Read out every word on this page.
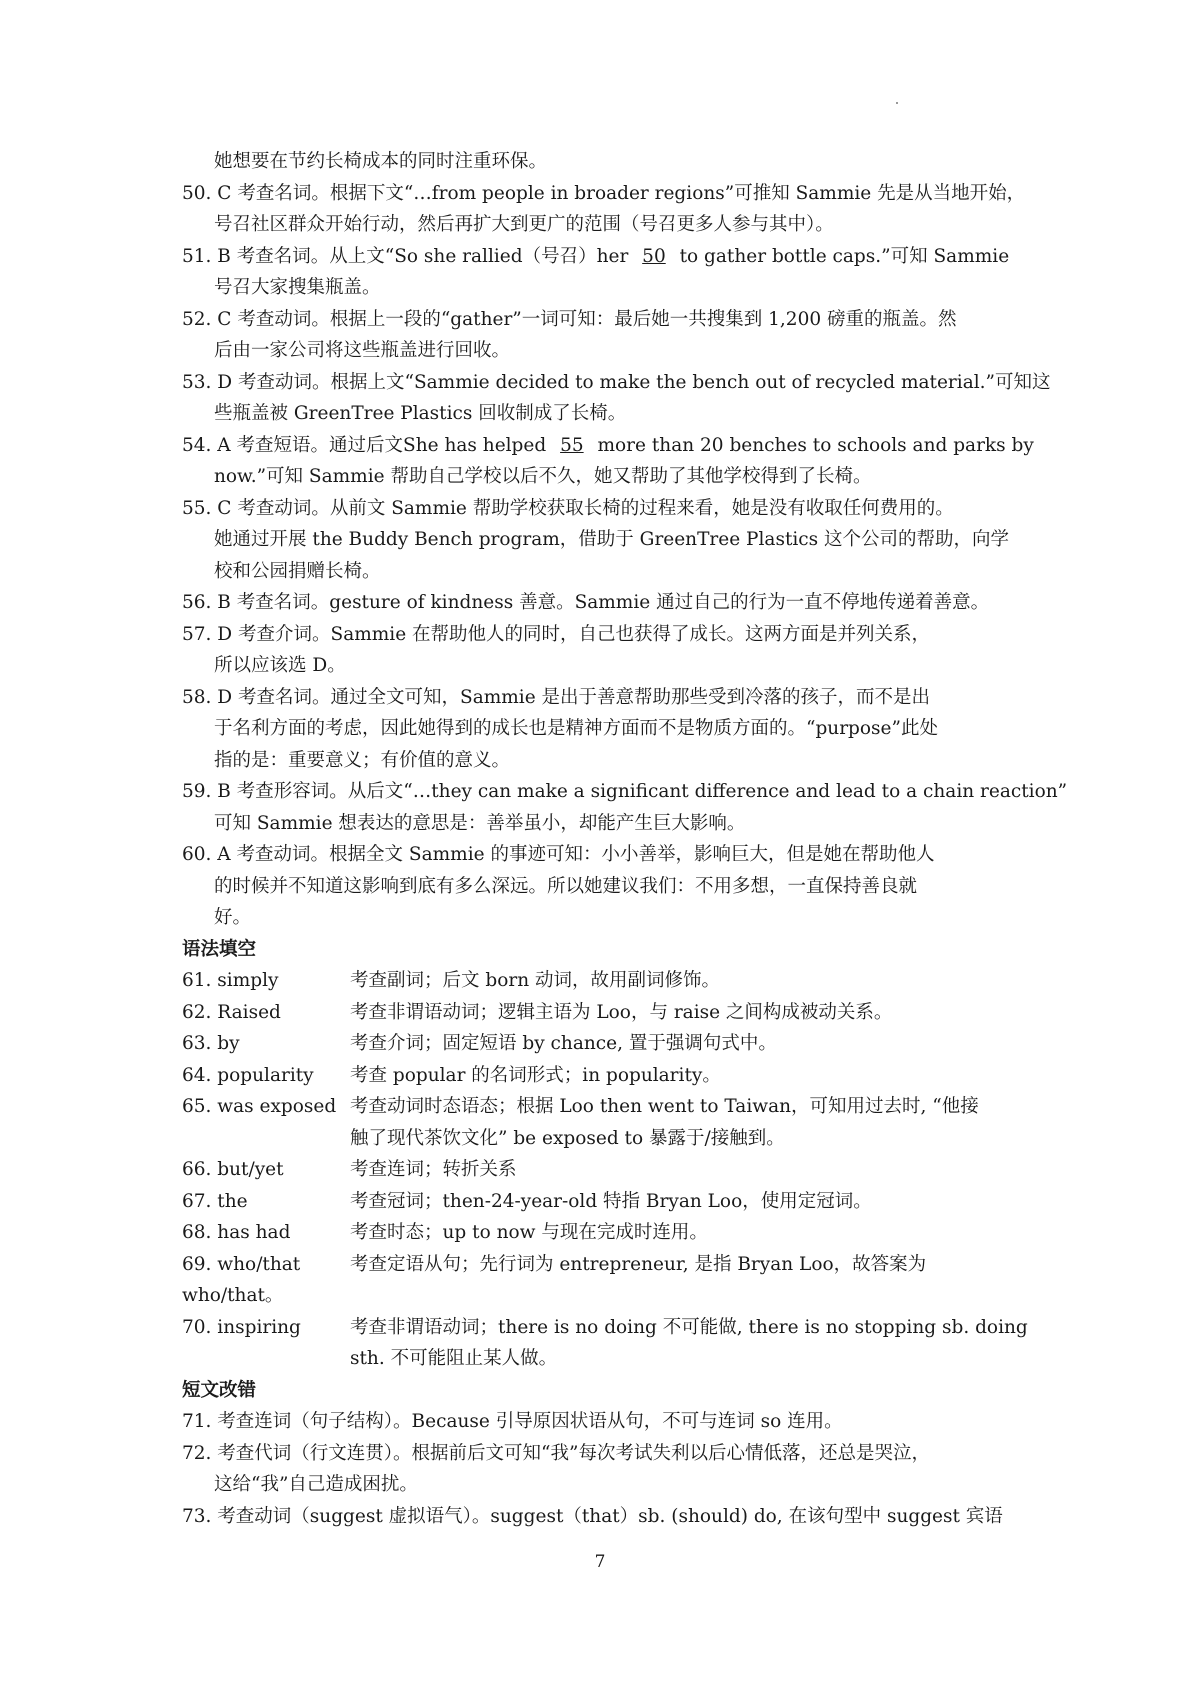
她想要在节约长椅成本的同时注重环保。
50. C 考查名词。根据下文“…from people in broader regions”可推知 Sammie 先是从当地开始，
号召社区群众开始行动，然后再扩大到更广的范围（号召更多人参与其中）。
51. B 考查名词。从上文“So she rallied（号召）her 50 to gather bottle caps.”可知 Sammie
号召大家搜集瓶盖。
52. C 考查动词。根据上一段的“gather”一词可知：最后她一共搜集到 1,200 磅重的瓶盖。然
后由一家公司将这些瓶盖进行回收。
53. D 考查动词。根据上文“Sammie decided to make the bench out of recycled material.”可知这
些瓶盖被 GreenTree Plastics 回收制成了长椅。
54. A 考查短语。通过后文She has helped 55 more than 20 benches to schools and parks by
now.”可知 Sammie 帮助自己学校以后不久，她又帮助了其他学校得到了长椅。
55. C 考查动词。从前文 Sammie 帮助学校获取长椅的过程来看，她是没有收取任何费用的。
她通过开展 the Buddy Bench program，借助于 GreenTree Plastics 这个公司的帮助，向学
校和公园捐赠长椅。
56. B 考查名词。gesture of kindness 善意。Sammie 通过自己的行为一直不停地传递着善意。
57. D 考查介词。Sammie 在帮助他人的同时，自己也获得了成长。这两方面是并列关系，
所以应该选 D。
58. D 考查名词。通过全文可知，Sammie 是出于善意帮助那些受到冷落的孩子，而不是出
于名利方面的考虑，因此她得到的成长也是精神方面而不是物质方面的。“purpose”此处
指的是：重要意义；有价值的意义。
59. B 考查形容词。从后文“…they can make a significant difference and lead to a chain reaction”
可知 Sammie 想表达的意思是：善举虽小，却能产生巨大影响。
60. A 考查动词。根据全文 Sammie 的事迹可知：小小善举，影响巨大，但是她在帮助他人
的时候并不知道这影响到底有多么深远。所以她建议我们：不用多想，一直保持善良就
好。
语法填空
61. simply	考查副词；后文 born 动词，故用副词修饰。
62. Raised	考查非谓语动词；逻辑主语为 Loo，与 raise 之间构成被动关系。
63. by	考查介词；固定短语 by chance, 置于强调句式中。
64. popularity	考查 popular 的名词形式；in popularity。
65. was exposed 考查动词时态语态；根据 Loo then went to Taiwan，可知用过去时, “他接
触了现代茶饮文化” be exposed to 暴露于/接触到。
66. but/yet	考查连词；转折关系
67. the	考查冠词；then-24-year-old 特指 Bryan Loo，使用定冠词。
68. has had	考查时态；up to now 与现在完成时连用。
69. who/that	考查定语从句；先行词为 entrepreneur, 是指 Bryan Loo，故答案为
who/that。
70. inspiring	考查非谓语动词；there is no doing 不可能做, there is no stopping sb. doing
sth. 不可能阻止某人做。
短文改错
71. 考查连词（句子结构）。Because 引导原因状语从句，不可与连词 so 连用。
72. 考查代词（行文连贯）。根据前后文可知“我”每次考试失利以后心情低落，还总是哭泣，
这给“我”自己造成困扰。
73. 考查动词（suggest 虚拟语气）。suggest（that）sb. (should) do, 在该句型中 suggest 宾语
7
